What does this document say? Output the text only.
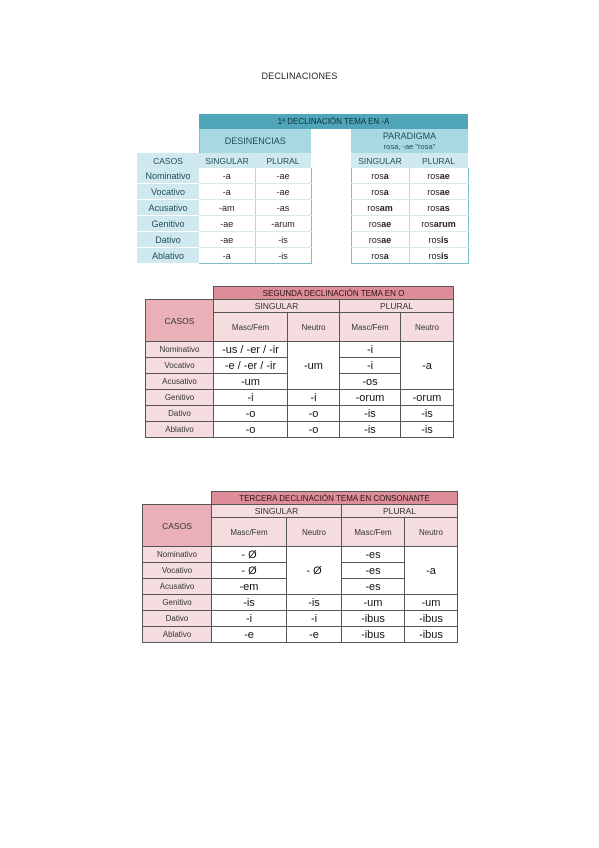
DECLINACIONES
	1ª DECLINACIÓN TEMA EN -A				
	DESINENCIAS			PARADIGMA
rosa, -ae "rosa"	
CASOS	SINGULAR	PLURAL		SINGULAR	PLURAL
Nominativo	-a	-ae		rosa	rosae
Vocativo	-a	-ae		rosa	rosae
Acusativo	-am	-as		rosam	rosas
Genitivo	-ae	-arum		rosae	rosarum
Dativo	-ae	-is		rosae	rosis
Ablativo	-a	-is		rosa	rosis
	SEGUNDA DECLINACIÓN TEMA EN O			
CASOS	SINGULAR		PLURAL	
	Masc/Fem	Neutro	Masc/Fem	Neutro
Nominativo	-us / -er / -ir	-um	-i	-a
Vocativo	-e / -er / -ir		-i	
Acusativo	-um		-os	
Genitivo	-i	-i	-orum	-orum
Dativo	-o	-o	-is	-is
Ablativo	-o	-o	-is	-is
	TERCERA DECLINACIÓN TEMA EN CONSONANTE			
CASOS	SINGULAR		PLURAL	
	Masc/Fem	Neutro	Masc/Fem	Neutro
Nominativo	- Ø	- Ø	-es	-a
Vocativo	- Ø		-es	
Acusativo	-em		-es	
Genitivo	-is	-is	-um	-um
Dativo	-i	-i	-ibus	-ibus
Ablativo	-e	-e	-ibus	-ibus
